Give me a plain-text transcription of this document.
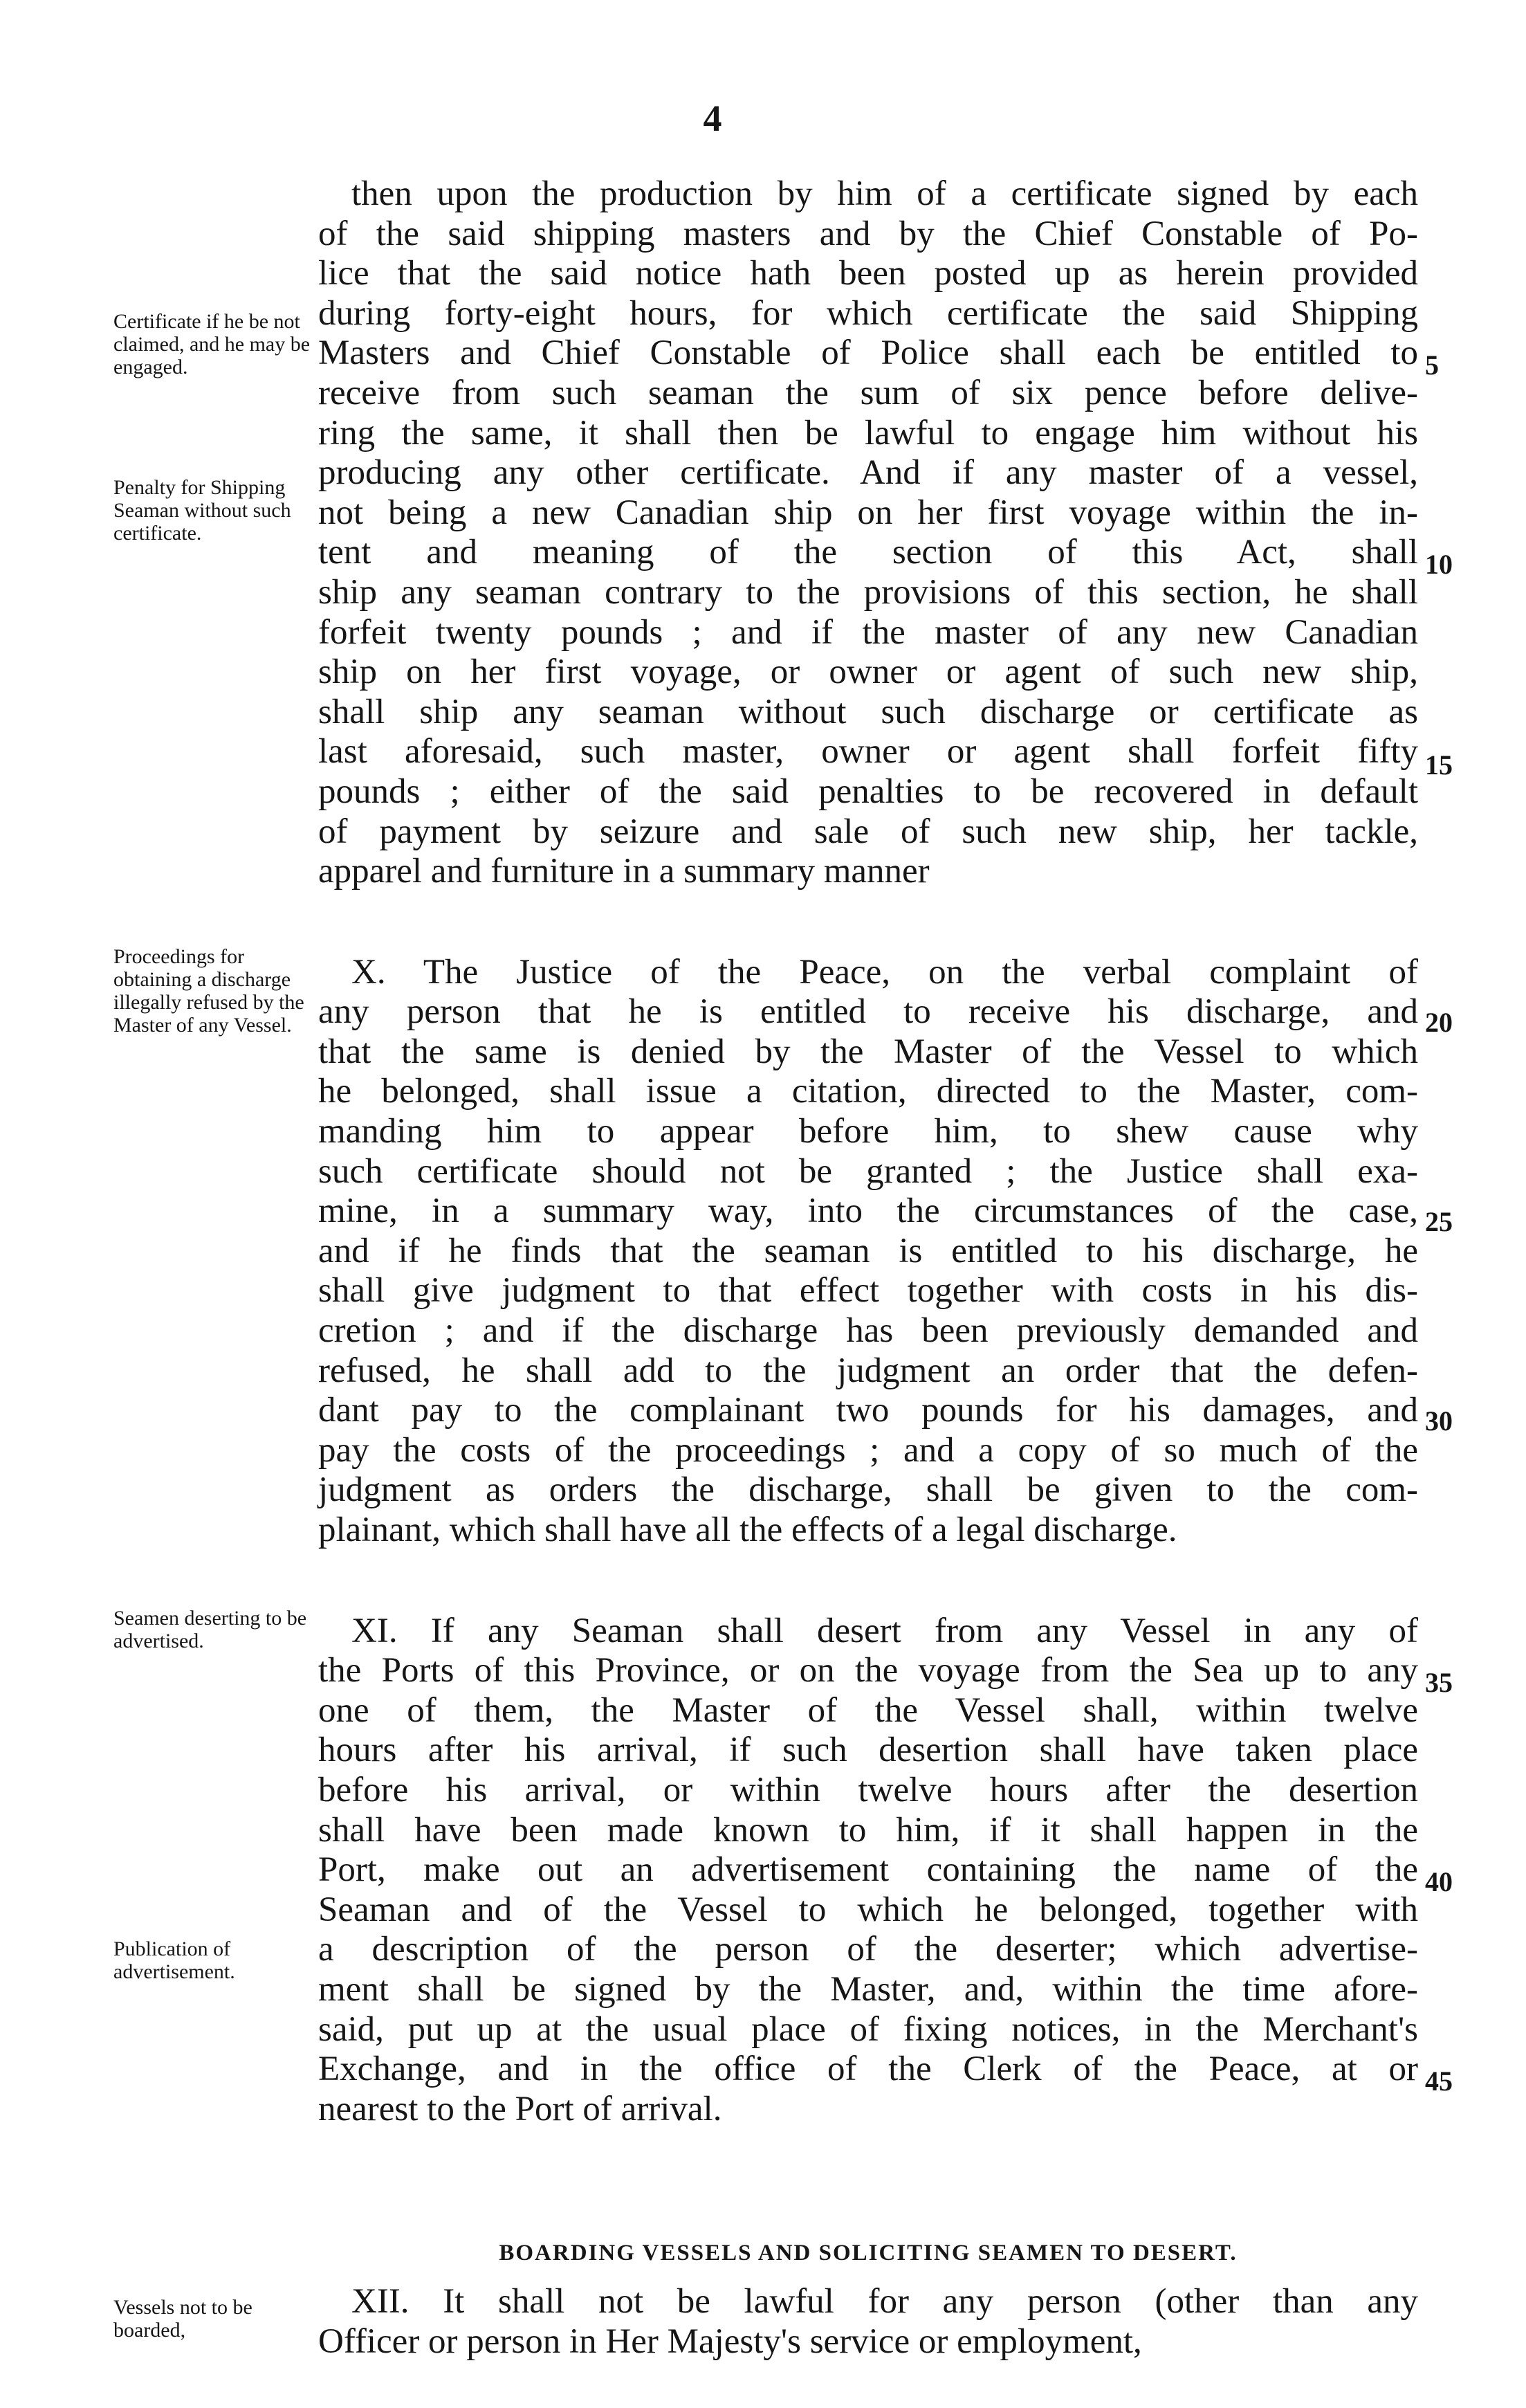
4
Certificate if he be not claimed, and he may be engaged.
Penalty for Shipping Seaman without such certificate.
Proceedings for obtaining a discharge illegally refused by the Master of any Vessel.
Seamen deserting to be advertised.
Publication of advertisement.
Vessels not to be boarded,
then upon the production by him of a certificate signed by each
of the said shipping masters and by the Chief Constable of Po-
lice that the said notice hath been posted up as herein provided
during forty-eight hours, for which certificate the said Shipping
Masters and Chief Constable of Police shall each be entitled to
receive from such seaman the sum of six pence before delive-
ring the same, it shall then be lawful to engage him without his
producing any other certificate. And if any master of a vessel,
not being a new Canadian ship on her first voyage within the in-
tent and meaning of the section of this Act, shall
ship any seaman contrary to the provisions of this section, he shall
forfeit twenty pounds ; and if the master of any new Canadian
ship on her first voyage, or owner or agent of such new ship,
shall ship any seaman without such discharge or certificate as
last aforesaid, such master, owner or agent shall forfeit fifty
pounds ; either of the said penalties to be recovered in default
of payment by seizure and sale of such new ship, her tackle,
apparel and furniture in a summary manner
X. The Justice of the Peace, on the verbal complaint of
any person that he is entitled to receive his discharge, and
that the same is denied by the Master of the Vessel to which
he belonged, shall issue a citation, directed to the Master, com-
manding him to appear before him, to shew cause why
such certificate should not be granted ; the Justice shall exa-
mine, in a summary way, into the circumstances of the case,
and if he finds that the seaman is entitled to his discharge, he
shall give judgment to that effect together with costs in his dis-
cretion ; and if the discharge has been previously demanded and
refused, he shall add to the judgment an order that the defen-
dant pay to the complainant two pounds for his damages, and
pay the costs of the proceedings ; and a copy of so much of the
judgment as orders the discharge, shall be given to the com-
plainant, which shall have all the effects of a legal discharge.
XI. If any Seaman shall desert from any Vessel in any of
the Ports of this Province, or on the voyage from the Sea up to any
one of them, the Master of the Vessel shall, within twelve
hours after his arrival, if such desertion shall have taken place
before his arrival, or within twelve hours after the desertion
shall have been made known to him, if it shall happen in the
Port, make out an advertisement containing the name of the
Seaman and of the Vessel to which he belonged, together with
a description of the person of the deserter; which advertise-
ment shall be signed by the Master, and, within the time afore-
said, put up at the usual place of fixing notices, in the Merchant's
Exchange, and in the office of the Clerk of the Peace, at or
nearest to the Port of arrival.
XII. It shall not be lawful for any person (other than any
Officer or person in Her Majesty's service or employment,
BOARDING VESSELS AND SOLICITING SEAMEN TO DESERT.
5
10
15
20
25
30
35
40
45
